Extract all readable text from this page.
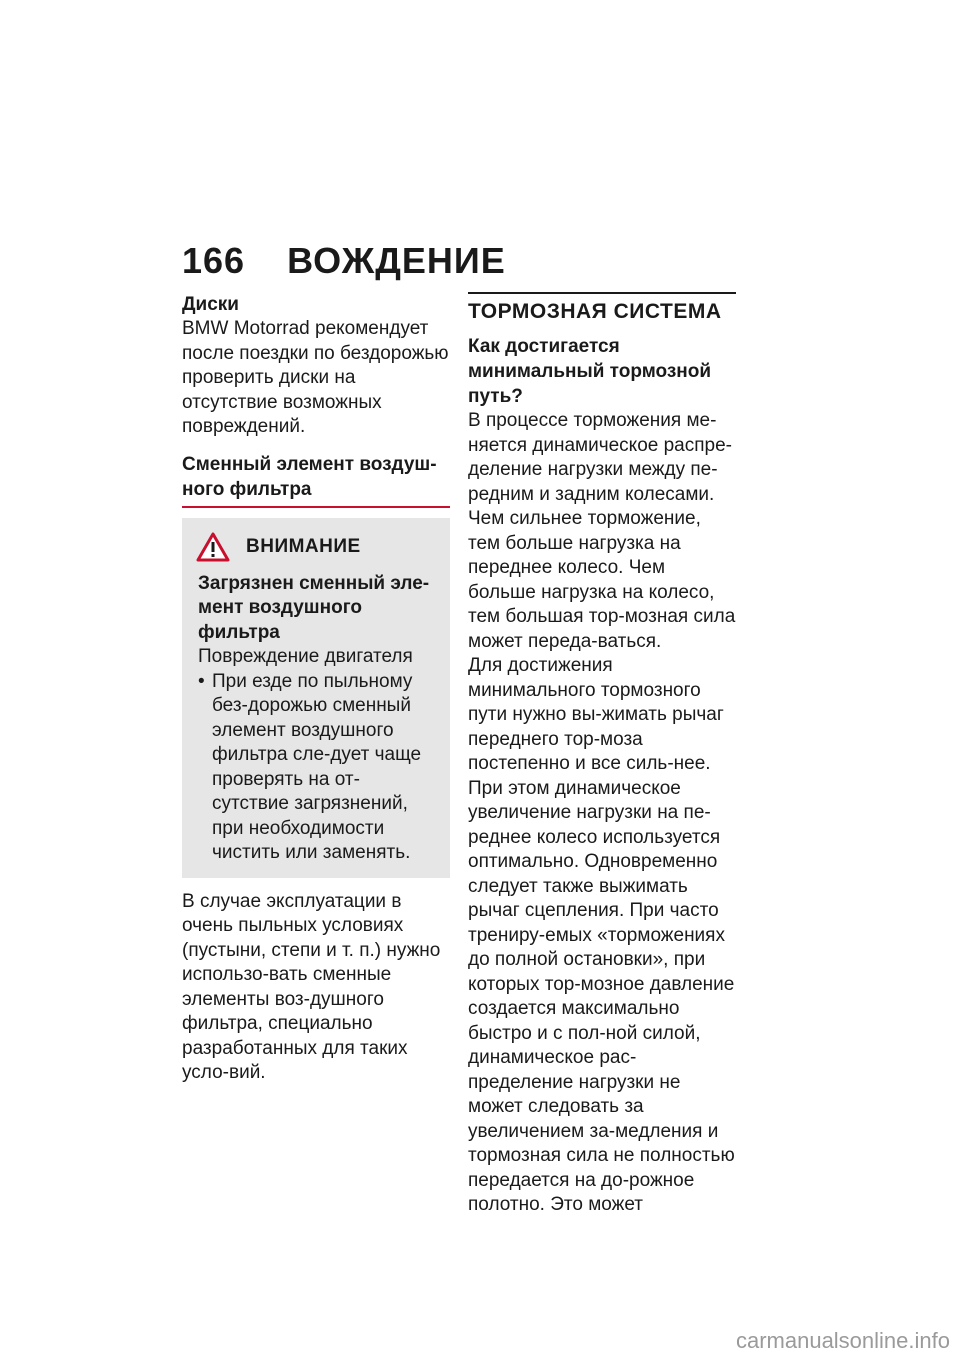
166 ВОЖДЕНИЕ
Диски

BMW Motorrad рекомендует после поездки по бездорожью проверить диски на отсутствие возможных повреждений.

Сменный элемент воздуш-ного фильтра
ВНИМАНИЕ
Загрязнен сменный эле-мент воздушного фильтра
Повреждение двигателя
• При езде по пыльному без-дорожью сменный элемент воздушного фильтра сле-дует чаще проверять на от-сутствие загрязнений, при необходимости чистить или заменять.

В случае эксплуатации в очень пыльных условиях (пустыни, степи и т. п.) нужно использо-вать сменные элементы воз-душного фильтра, специально разработанных для таких усло-вий.

ТОРМОЗНАЯ СИСТЕМА
Как достигается минимальный тормозной путь?

В процессе торможения ме-няется динамическое распре-деление нагрузки между пе-редним и задним колесами. Чем сильнее торможение, тем больше нагрузка на переднее колесо. Чем больше нагрузка на колесо, тем большая тор-мозная сила может переда-ваться.

Для достижения минимального тормозного пути нужно вы-жимать рычаг переднего тор-моза постепенно и все силь-нее. При этом динамическое увеличение нагрузки на пе-реднее колесо используется оптимально. Одновременно следует также выжимать рычаг сцепления. При часто трениру-емых «торможениях до полной остановки», при которых тор-мозное давление создается максимально быстро и с пол-ной силой, динамическое рас-пределение нагрузки не может следовать за увеличением за-медления и тормозная сила не полностью передается на до-рожное полотно. Это может

carmanualsonline.info
